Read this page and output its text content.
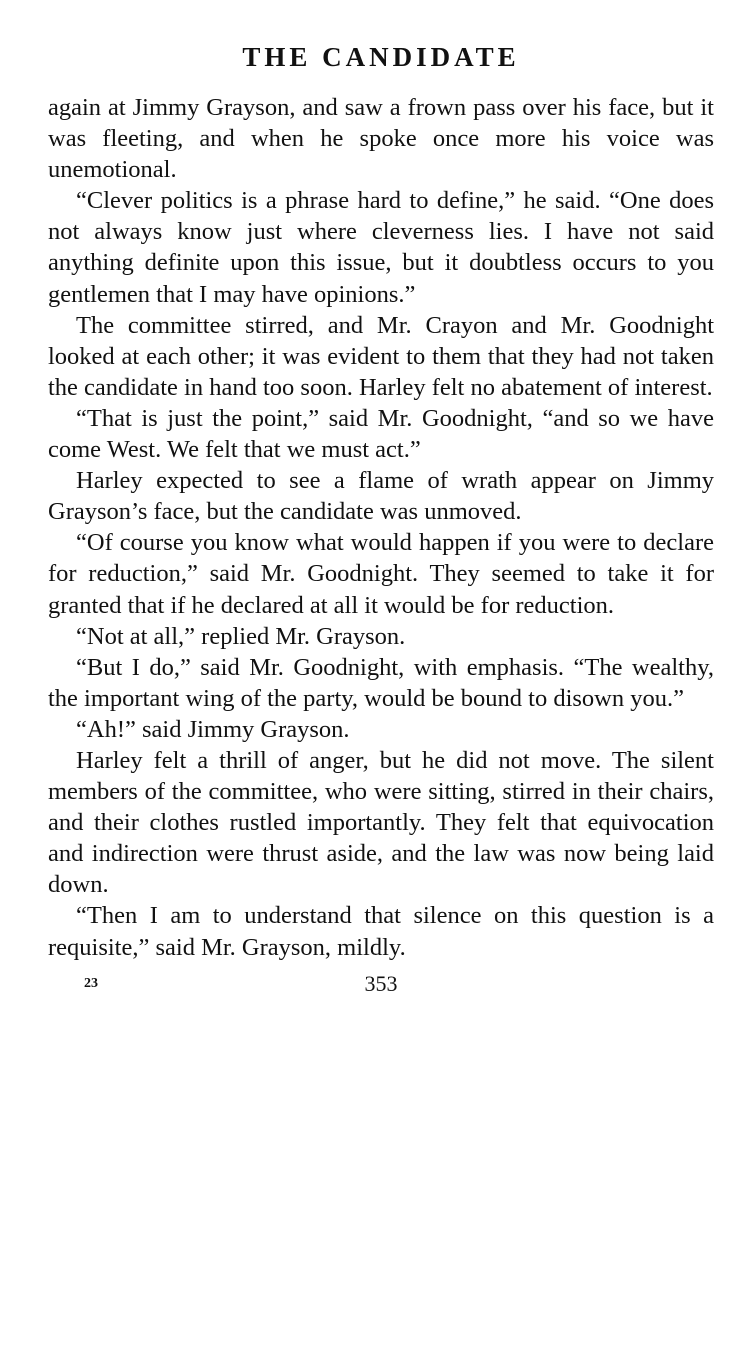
THE CANDIDATE

again at Jimmy Grayson, and saw a frown pass over his face, but it was fleeting, and when he spoke once more his voice was unemotional.

“Clever politics is a phrase hard to define,” he said. “One does not always know just where cleverness lies. I have not said anything definite upon this issue, but it doubtless occurs to you gentlemen that I may have opinions.”

The committee stirred, and Mr. Crayon and Mr. Goodnight looked at each other; it was evident to them that they had not taken the candidate in hand too soon. Harley felt no abatement of interest.

“That is just the point,” said Mr. Goodnight, “and so we have come West. We felt that we must act.”

Harley expected to see a flame of wrath appear on Jimmy Grayson’s face, but the candidate was unmoved.

“Of course you know what would happen if you were to declare for reduction,” said Mr. Goodnight. They seemed to take it for granted that if he declared at all it would be for reduction.

“Not at all,” replied Mr. Grayson.

“But I do,” said Mr. Goodnight, with emphasis. “The wealthy, the important wing of the party, would be bound to disown you.”

“Ah!” said Jimmy Grayson.

Harley felt a thrill of anger, but he did not move. The silent members of the committee, who were sitting, stirred in their chairs, and their clothes rustled importantly. They felt that equivocation and indirection were thrust aside, and the law was now being laid down.

“Then I am to understand that silence on this question is a requisite,” said Mr. Grayson, mildly.

23	353
